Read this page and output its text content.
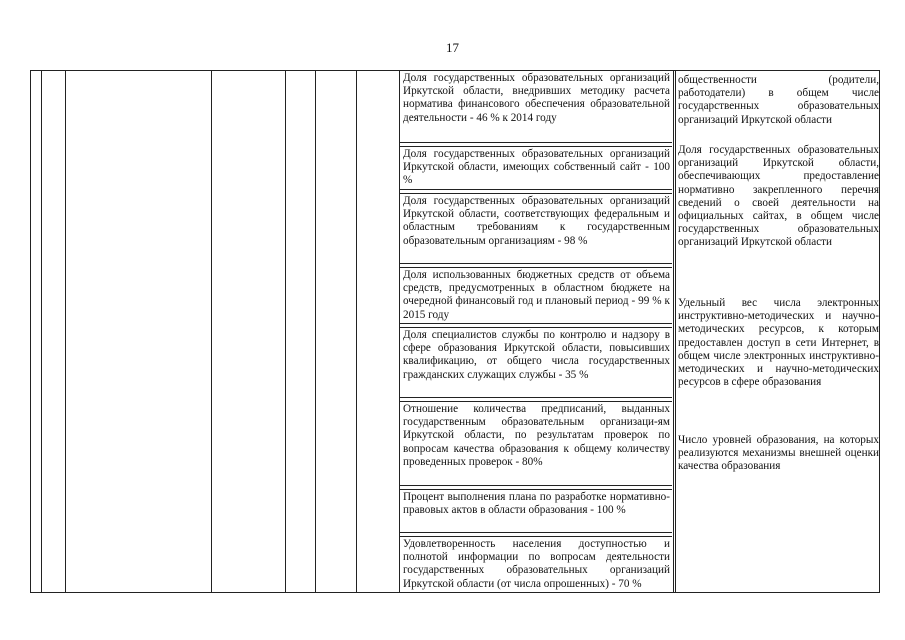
17
Доля государственных образовательных организаций Иркутской области, внедривших методику расчета норматива финансового обеспечения образовательной деятельности - 46 % к 2014 году
Доля государственных образовательных организаций Иркутской области, имеющих собственный сайт - 100 %
Доля государственных образовательных организаций Иркутской области, соответствующих федеральным и областным требованиям к государственным образовательным организациям - 98 %
Доля использованных бюджетных средств от объема средств, предусмотренных в областном бюджете на очередной финансовый год и плановый период - 99 % к 2015 году
Доля специалистов службы по контролю и надзору в сфере образования Иркутской области, повысивших квалификацию, от общего числа государственных гражданских служащих службы - 35 %
Отношение количества предписаний, выданных государственным образовательным организаци-ям Иркутской области, по результатам проверок по вопросам качества образования к общему количеству проведенных проверок - 80%
Процент выполнения плана по разработке нормативно-правовых актов в области образования - 100 %
Удовлетворенность населения доступностью и полнотой информации по вопросам деятельности государственных образовательных организаций Иркутской области (от числа опрошенных) - 70 %
общественности (родители, работодатели) в общем числе государственных образовательных организаций Иркутской области
Доля государственных образовательных организаций Иркутской области, обеспечивающих предоставление нормативно закрепленного перечня сведений о своей деятельности на официальных сайтах, в общем числе государственных образовательных организаций Иркутской области
Удельный вес числа электронных инструктивно-методических и научно-методических ресурсов, к которым предоставлен доступ в сети Интернет, в общем числе электронных инструктивно-методических и научно-методических ресурсов в сфере образования
Число уровней образования, на которых реализуются механизмы внешней оценки качества образования
